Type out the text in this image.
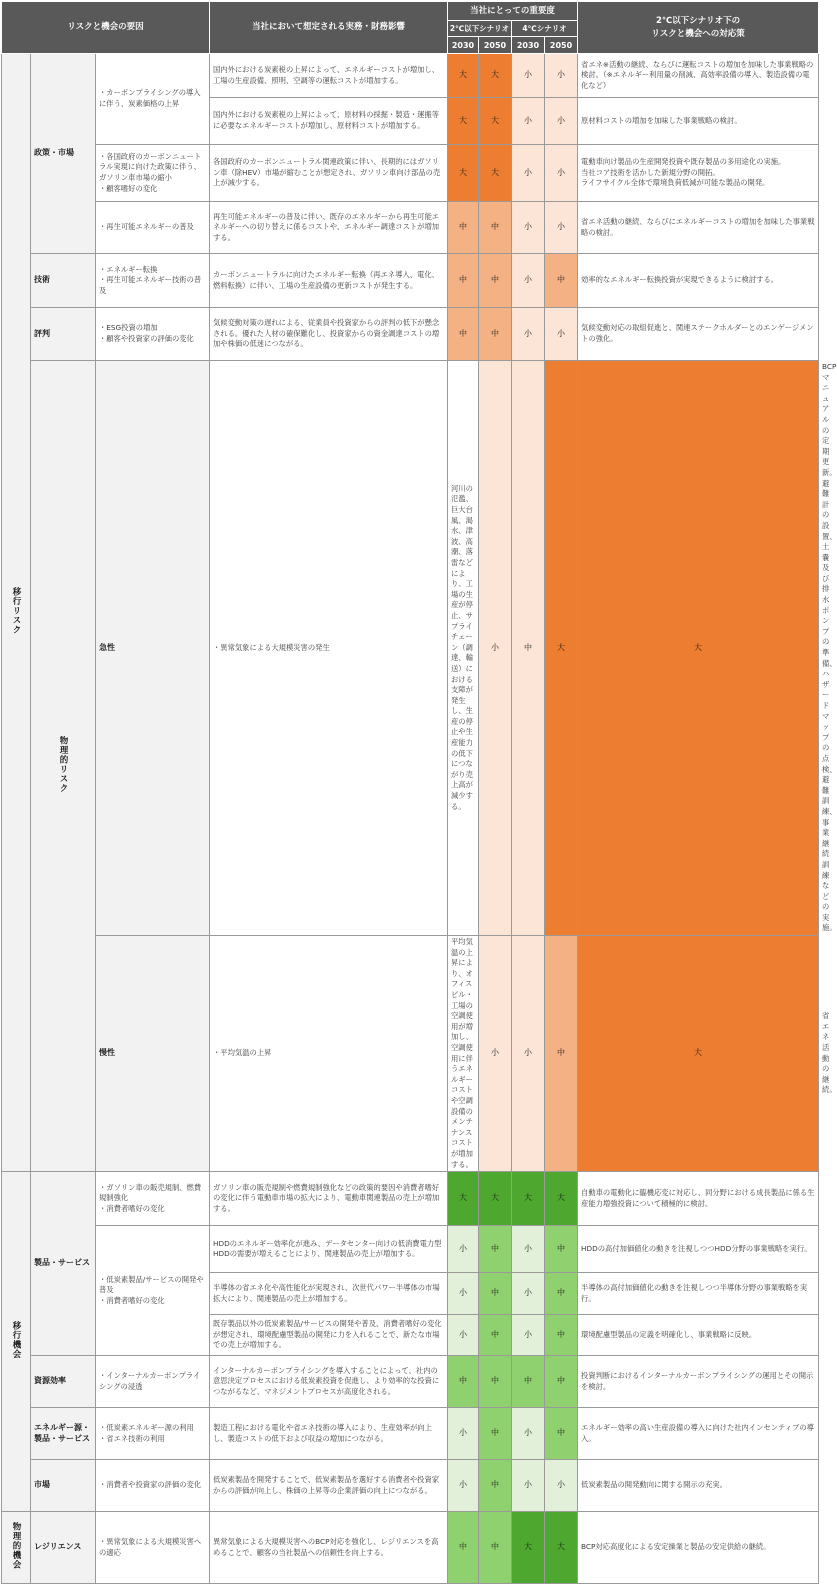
リスクと機会の要因			当社において想定される実務・財務影響	当社にとっての重要度				2℃以下シナリオ下の
リスクと機会への対応策	
				2℃以下シナリオ		4℃シナリオ			
				2030	2050	2030	2050		
移行リスク	政策・市場	・カーボンプライシングの導入に伴う、炭素価格の上昇	国内外における炭素税の上昇によって、エネルギーコストが増加し、工場の生産設備、照明、空調等の運転コストが増加する。	大	大	小	小	省エネ※活動の継続、ならびに運転コストの増加を加味した事業戦略の検討。（※エネルギー利用量の削減、高効率設備の導入、製造設備の電化など）	
			国内外における炭素税の上昇によって、原材料の採掘・製造・運搬等に必要なエネルギーコストが増加し、原材料コストが増加する。	大	大	小	小	原材料コストの増加を加味した事業戦略の検討。	
		・各国政府のカーボンニュートラル実現に向けた政策に伴う、ガソリン車市場の縮小
・顧客嗜好の変化	各国政府のカーボンニュートラル関連政策に伴い、長期的にはガソリン車（除HEV）市場が縮むことが想定され、ガソリン車向け部品の売上が減少する。	大	大	小	小	電動車向け製品の生産開発投資や既存製品の多用途化の実施。
当社コア技術を活かした新規分野の開拓。
ライフサイクル全体で環境負荷低減が可能な製品の開発。	
		・再生可能エネルギーの普及	再生可能エネルギーの普及に伴い、既存のエネルギーから再生可能エネルギーへの切り替えに係るコストや、エネルギー調達コストが増加する。	中	中	小	小	省エネ活動の継続、ならびにエネルギーコストの増加を加味した事業戦略の検討。	
	技術	・エネルギー転換
・再生可能エネルギー技術の普及	カーボンニュートラルに向けたエネルギー転換（再エネ導入、電化、燃料転換）に伴い、工場の生産設備の更新コストが発生する。	中	中	小	中	効率的なエネルギー転換投資が実現できるように検討する。	
	評判	・ESG投資の増加
・顧客や投資家の評価の変化	気候変動対策の遅れによる、従業員や投資家からの評判の低下が懸念される。優れた人材の確保難化し、投資家からの資金調達コストの増加や株価の低迷につながる。	中	中	小	小	気候変動対応の取組促進と、関連ステークホルダーとのエンゲージメントの強化。	
	物理的リスク	急性	・異常気象による大規模災害の発生	河川の氾濫、巨大台風、渇水、津波、高潮、落雷などにより、工場の生産が停止、サプライチェーン（調達、輸送）における支障が発生し、生産の停止や生産能力の低下につながり売上高が減少する。	小	中	大	大	BCPマニュアルの定期更新。
避難計の設置、土嚢及び排水ポンプの準備、ハザードマップの点検、避難訓練、事業継続訓練などの実施。
		慢性	・平均気温の上昇	平均気温の上昇により、オフィスビル・工場の空調使用が増加し、空調使用に伴うエネルギーコストや空調設備のメンテナンスコストが増加する。	小	小	中	大	省エネ活動の継続。
移行機会	製品・サービス	・ガソリン車の販売規制、燃費規制強化
・消費者嗜好の変化	ガソリン車の販売規制や燃費規制強化などの政策的要因や消費者嗜好の変化に伴う電動車市場の拡大により、電動車関連製品の売上が増加する。	大	大	大	大	自動車の電動化に臨機応変に対応し、同分野における成長製品に係る生産能力増強投資について積極的に検討。	
		・低炭素製品/サービスの開発や普及
・消費者嗜好の変化	HDDのエネルギー効率化が進み、データセンター向けの低消費電力型HDDの需要が増えることにより、関連製品の売上が増加する。	小	中	小	中	HDDの高付加価値化の動きを注視しつつHDD分野の事業戦略を実行。	
			半導体の省エネ化や高性能化が実現され、次世代パワー半導体の市場拡大により、関連製品の売上が増加する。	小	中	小	中	半導体の高付加価値化の動きを注視しつつ半導体分野の事業戦略を実行。	
			既存製品以外の低炭素製品/サービスの開発や普及、消費者嗜好の変化が想定され、環境配慮型製品の開発に力を入れることで、新たな市場での売上が増加する。	小	中	小	中	環境配慮型製品の定義を明確化し、事業戦略に反映。	
	資源効率	・インターナルカーボンプライシングの浸透	インターナルカーボンプライシングを導入することによって、社内の意思決定プロセスにおける低炭素投資を促進し、より効率的な投資につながるなど、マネジメントプロセスが高度化される。	中	中	中	中	投資判断におけるインターナルカーボンプライシングの運用とその開示を検討。	
	エネルギー源・製品・サービス	・低炭素エネルギー源の利用
・省エネ技術の利用	製造工程における電化や省エネ技術の導入により、生産効率が向上し、製造コストの低下および収益の増加につながる。	小	中	小	中	エネルギー効率の高い生産設備の導入に向けた社内インセンティブの導入。	
	市場	・消費者や投資家の評価の変化	低炭素製品を開発することで、低炭素製品を選好する消費者や投資家からの評価が向上し、株価の上昇等の企業評価の向上につながる。	小	中	小	小	低炭素製品の開発動向に関する開示の充実。	
物理的機会	レジリエンス	・異常気象による大規模災害への適応	異常気象による大規模災害へのBCP対応を強化し、レジリエンスを高めることで、顧客の当社製品への信頼性を向上する。	中	中	大	大	BCP対応高度化による安定操業と製品の安定供給の継続。	
